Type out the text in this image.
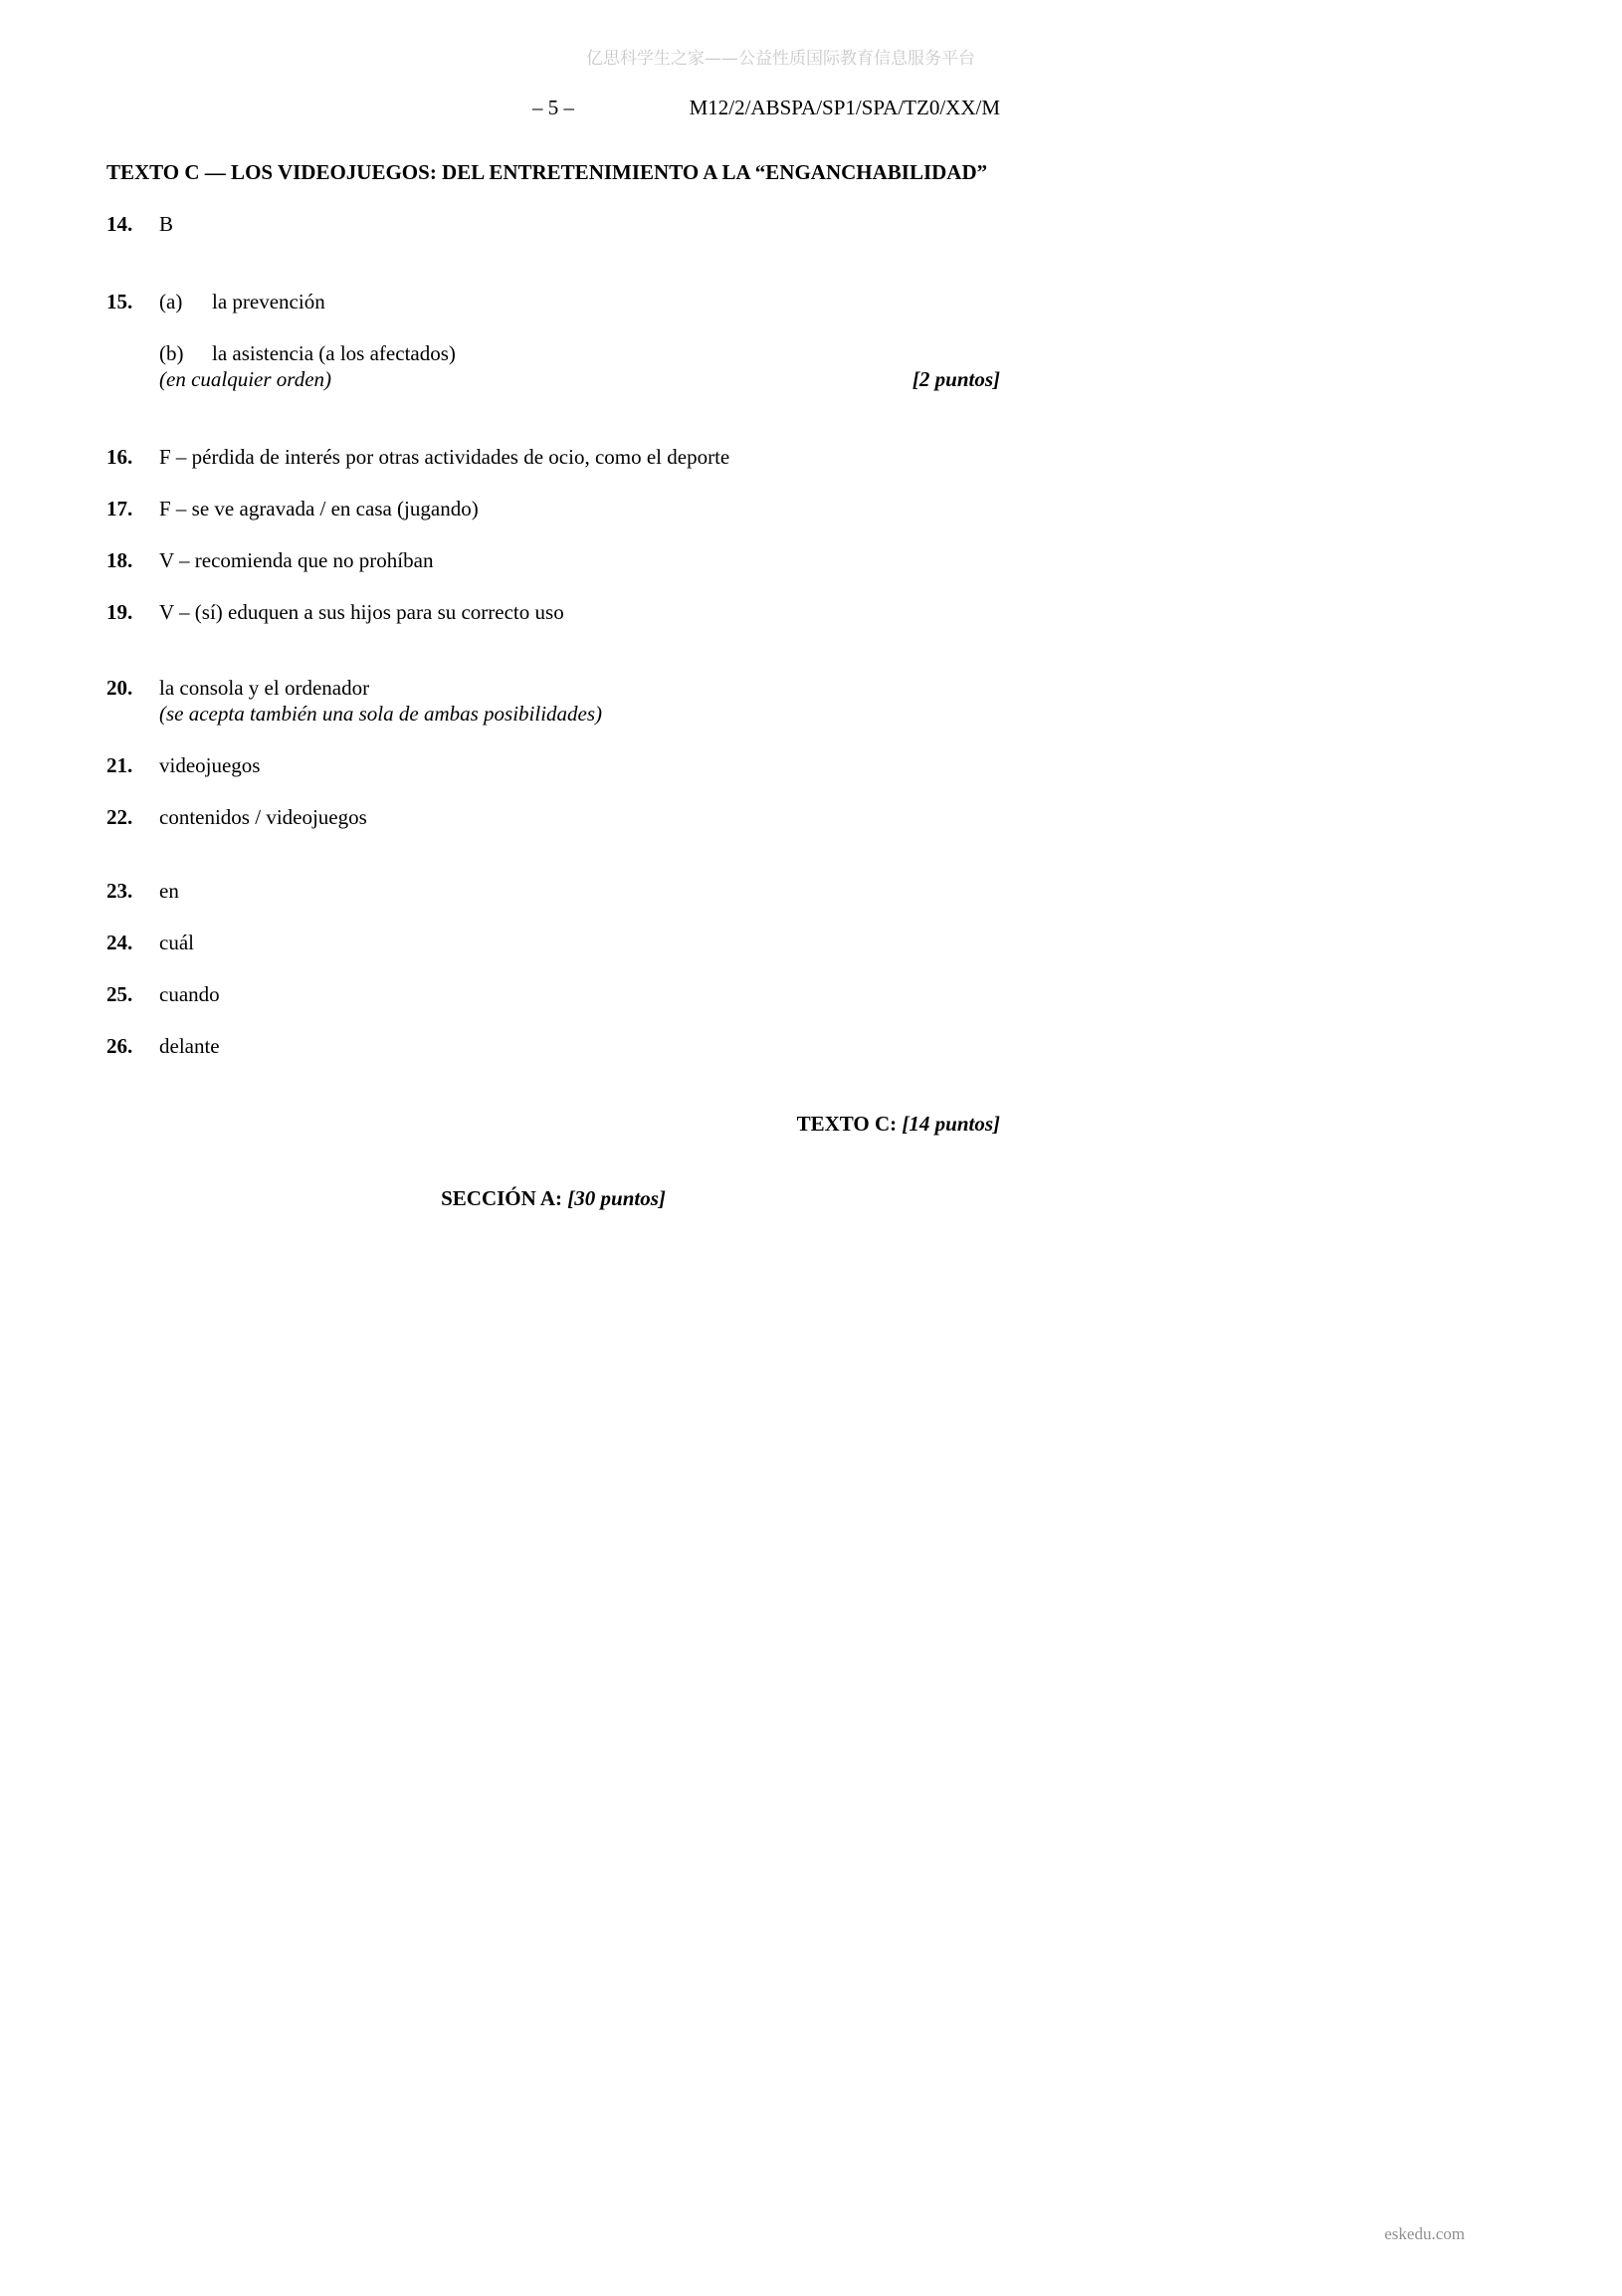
亿思科学生之家——公益性质国际教育信息服务平台
– 5 –	M12/2/ABSPA/SP1/SPA/TZ0/XX/M
TEXTO C — LOS VIDEOJUEGOS: DEL ENTRETENIMIENTO A LA “ENGANCHABILIDAD”
14.	B
15.	(a)	la prevención
(b)	la asistencia (a los afectados)
(en cualquier orden)	[2 puntos]
16.	F – pérdida de interés por otras actividades de ocio, como el deporte
17.	F – se ve agravada / en casa (jugando)
18.	V – recomienda que no prohíban
19.	V – (sí) eduquen a sus hijos para su correcto uso
20.	la consola y el ordenador
(se acepta también una sola de ambas posibilidades)
21.	videojuegos
22.	contenidos / videojuegos
23.	en
24.	cuál
25.	cuando
26.	delante
TEXTO C: [14 puntos]
SECCIÓN A: [30 puntos]
eskedu.com
